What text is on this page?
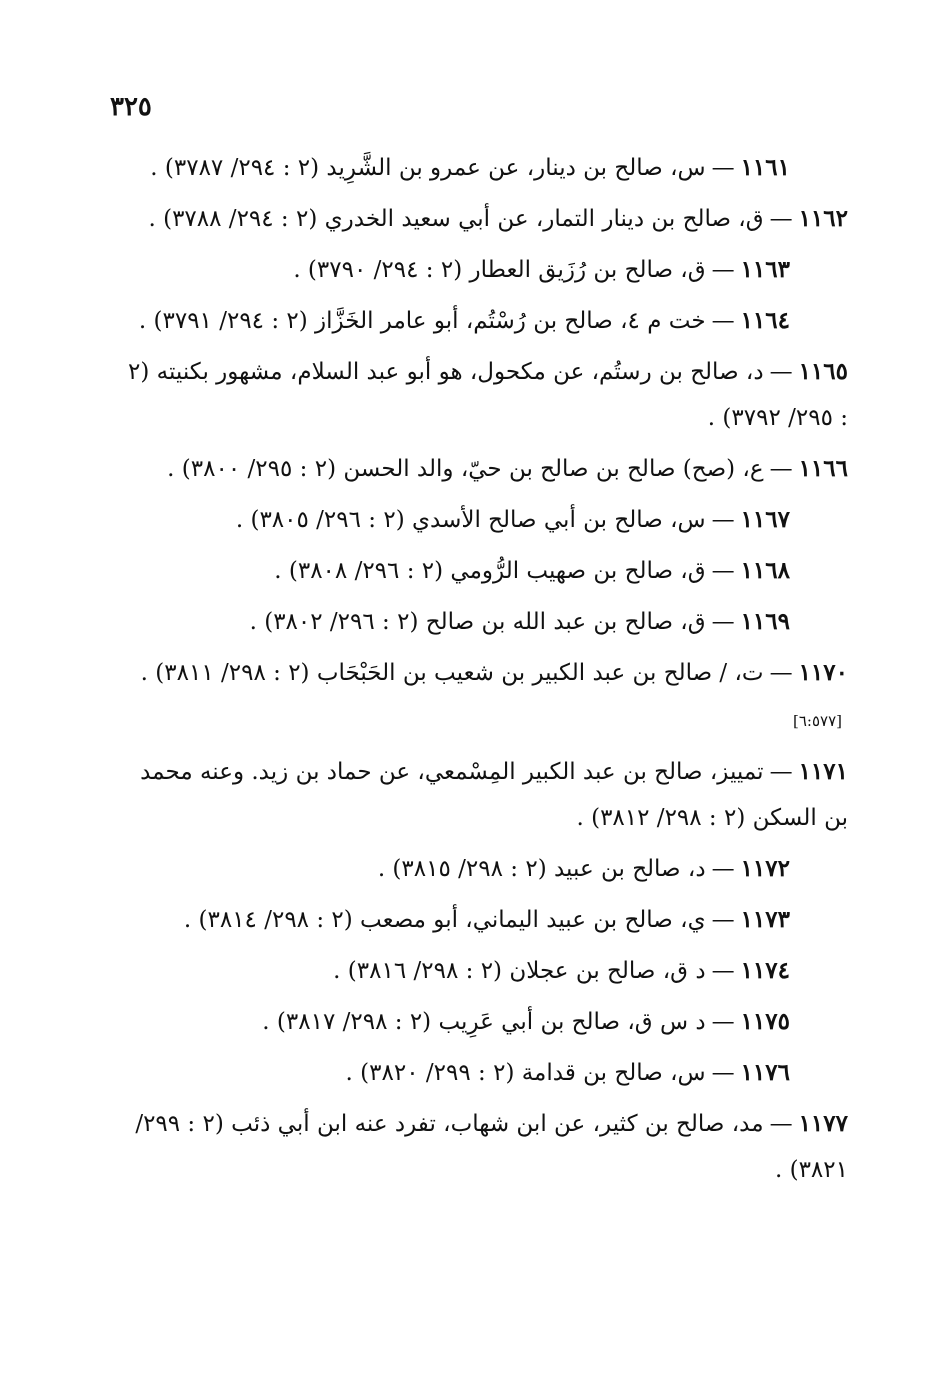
٣٢٥

١١٦١—س، صالح بن دينار، عن عمرو بن الشَّرِيد (٢ : ٢٩٤/ ٣٧٨٧) .

١١٦٢—ق، صالح بن دينار التمار، عن أبي سعيد الخدري (٢ : ٢٩٤/ ٣٧٨٨) .

١١٦٣—ق، صالح بن رُزَيق العطار (٢ : ٢٩٤/ ٣٧٩٠) .

١١٦٤—خت م ٤، صالح بن رُسْتُم، أبو عامر الخَزَّاز (٢ : ٢٩٤/ ٣٧٩١) .

١١٦٥—د، صالح بن رستُم، عن مكحول، هو أبو عبد السلام، مشهور بكنيته (٢ : ٢٩٥/ ٣٧٩٢) .

١١٦٦—ع، (صح) صالح بن صالح بن حيّ، والد الحسن (٢ : ٢٩٥/ ٣٨٠٠) .

١١٦٧—س، صالح بن أبي صالح الأسدي (٢ : ٢٩٦/ ٣٨٠٥) .

١١٦٨—ق، صالح بن صهيب الرُّومي (٢ : ٢٩٦/ ٣٨٠٨) .

١١٦٩—ق، صالح بن عبد الله بن صالح (٢ : ٢٩٦/ ٣٨٠٢) .

١١٧٠—ت، / صالح بن عبد الكبير بن شعيب بن الحَبْحَاب (٢ : ٢٩٨/ ٣٨١١) .[٦:٥٧٧]

١١٧١—تمييز، صالح بن عبد الكبير المِسْمعي، عن حماد بن زيد. وعنه محمد بن السكن (٢ : ٢٩٨/ ٣٨١٢) .

١١٧٢—د، صالح بن عبيد (٢ : ٢٩٨/ ٣٨١٥) .

١١٧٣—ي، صالح بن عبيد اليماني، أبو مصعب (٢ : ٢٩٨/ ٣٨١٤) .

١١٧٤—د ق، صالح بن عجلان (٢ : ٢٩٨/ ٣٨١٦) .

١١٧٥—د س ق، صالح بن أبي عَرِيب (٢ : ٢٩٨/ ٣٨١٧) .

١١٧٦—س، صالح بن قدامة (٢ : ٢٩٩/ ٣٨٢٠) .

١١٧٧—مد، صالح بن كثير، عن ابن شهاب، تفرد عنه ابن أبي ذئب (٢ : ٢٩٩/ ٣٨٢١) .
